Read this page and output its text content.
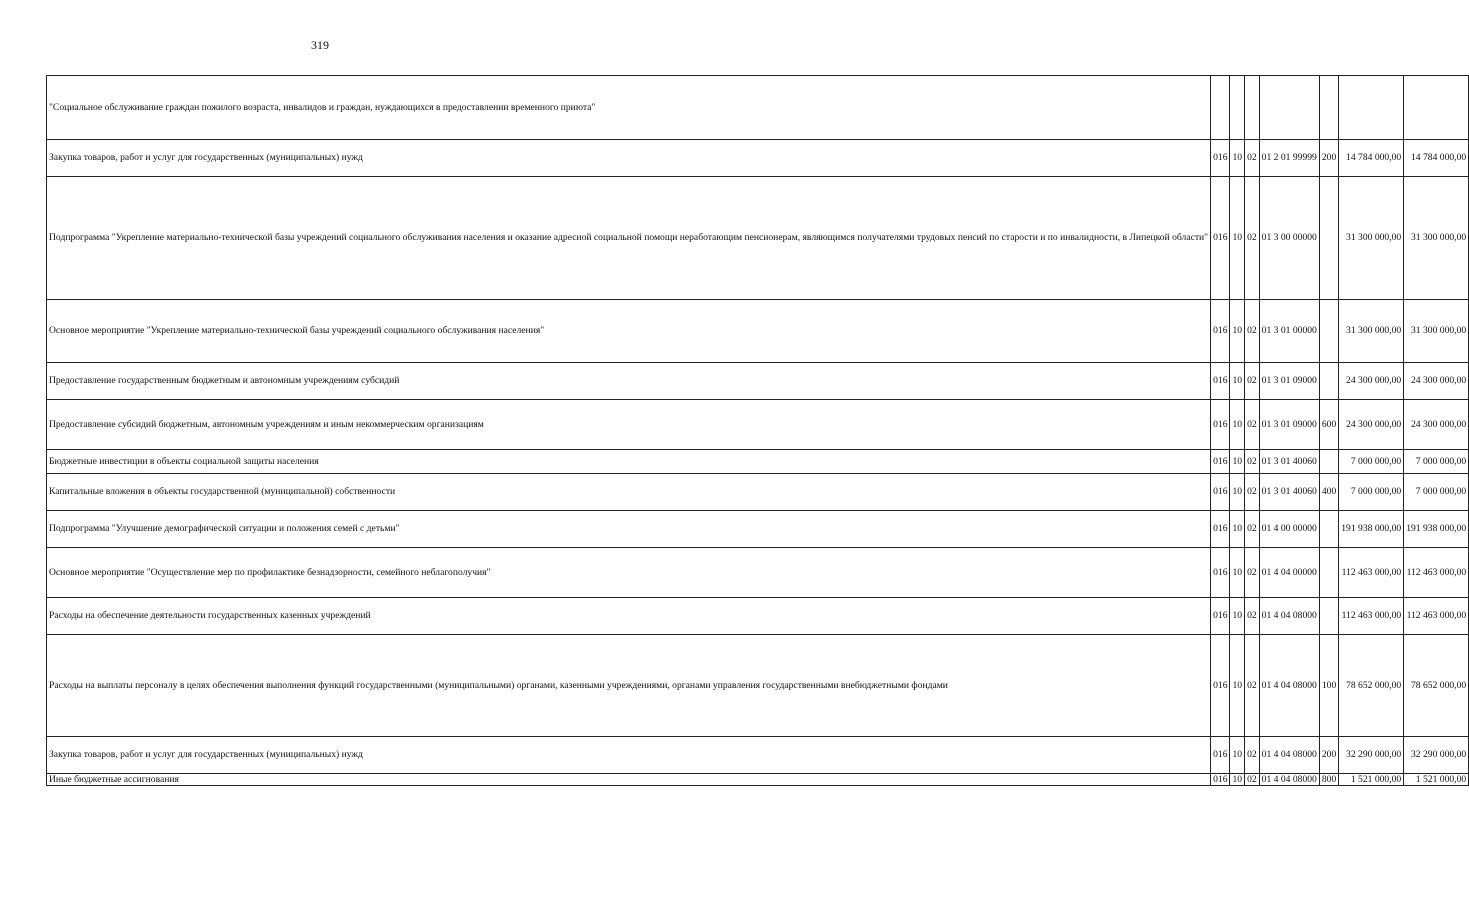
319
"Социальное обслуживание граждан пожилого возраста, инвалидов и граждан, нуждающихся в предоставлении временного приюта"							
Закупка товаров, работ и услуг для государственных (муниципальных) нужд	016	10	02	01 2 01 99999	200	14 784 000,00	14 784 000,00
Подпрограмма "Укрепление материально-технической базы учреждений социального обслуживания населения и оказание адресной социальной помощи неработающим пенсионерам, являющимся получателями трудовых пенсий по старости и по инвалидности, в Липецкой области"	016	10	02	01 3 00 00000		31 300 000,00	31 300 000,00
Основное мероприятие "Укрепление материально-технической базы учреждений социального обслуживания населения"	016	10	02	01 3 01 00000		31 300 000,00	31 300 000,00
Предоставление государственным бюджетным и автономным учреждениям субсидий	016	10	02	01 3 01 09000		24 300 000,00	24 300 000,00
Предоставление субсидий бюджетным, автономным учреждениям и иным некоммерческим организациям	016	10	02	01 3 01 09000	600	24 300 000,00	24 300 000,00
Бюджетные инвестиции в объекты социальной защиты населения	016	10	02	01 3 01 40060		7 000 000,00	7 000 000,00
Капитальные вложения в объекты государственной (муниципальной) собственности	016	10	02	01 3 01 40060	400	7 000 000,00	7 000 000,00
Подпрограмма "Улучшение демографической ситуации и положения семей с детьми"	016	10	02	01 4 00 00000		191 938 000,00	191 938 000,00
Основное мероприятие "Осуществление мер по профилактике безнадзорности, семейного неблагополучия"	016	10	02	01 4 04 00000		112 463 000,00	112 463 000,00
Расходы на обеспечение деятельности государственных казенных учреждений	016	10	02	01 4 04 08000		112 463 000,00	112 463 000,00
Расходы на выплаты персоналу в целях обеспечения выполнения функций государственными (муниципальными) органами, казенными учреждениями, органами управления государственными внебюджетными фондами	016	10	02	01 4 04 08000	100	78 652 000,00	78 652 000,00
Закупка товаров, работ и услуг для государственных (муниципальных) нужд	016	10	02	01 4 04 08000	200	32 290 000,00	32 290 000,00
Иные бюджетные ассигнования	016	10	02	01 4 04 08000	800	1 521 000,00	1 521 000,00
